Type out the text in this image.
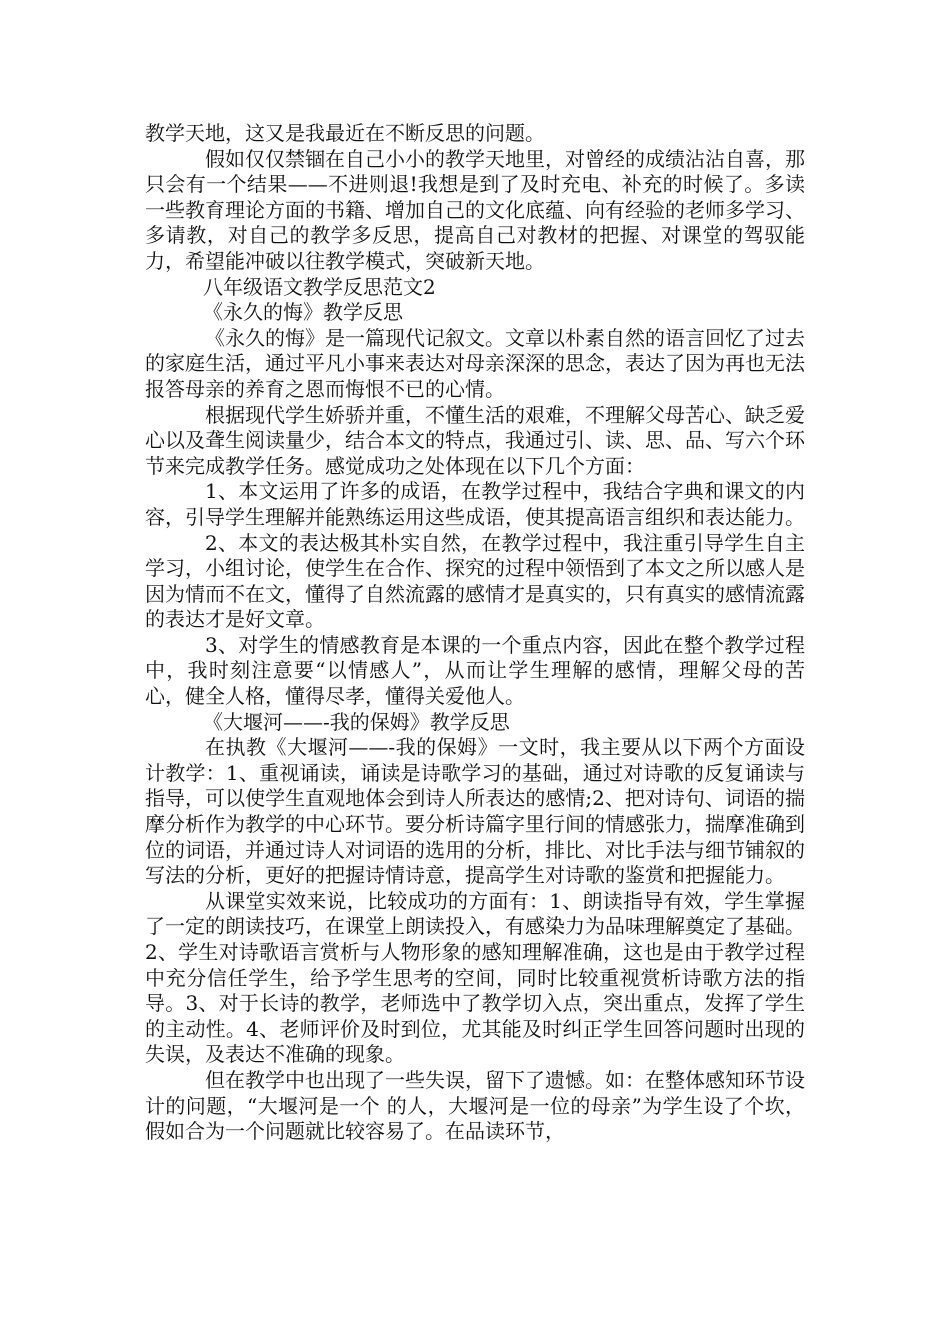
教学天地，这又是我最近在不断反思的问题。

假如仅仅禁锢在自己小小的教学天地里，对曾经的成绩沾沾自喜，那只会有一个结果——不进则退!我想是到了及时充电、补充的时候了。多读一些教育理论方面的书籍、增加自己的文化底蕴、向有经验的老师多学习、多请教，对自己的教学多反思，提高自己对教材的把握、对课堂的驾驭能力，希望能冲破以往教学模式，突破新天地。

八年级语文教学反思范文2

《永久的悔》教学反思

《永久的悔》是一篇现代记叙文。文章以朴素自然的语言回忆了过去的家庭生活，通过平凡小事来表达对母亲深深的思念，表达了因为再也无法报答母亲的养育之恩而悔恨不已的心情。

根据现代学生娇骄并重，不懂生活的艰难，不理解父母苦心、缺乏爱心以及聋生阅读量少，结合本文的特点，我通过引、读、思、品、写六个环节来完成教学任务。感觉成功之处体现在以下几个方面：

1、本文运用了许多的成语，在教学过程中，我结合字典和课文的内容，引导学生理解并能熟练运用这些成语，使其提高语言组织和表达能力。

2、本文的表达极其朴实自然，在教学过程中，我注重引导学生自主学习，小组讨论，使学生在合作、探究的过程中领悟到了本文之所以感人是因为情而不在文，懂得了自然流露的感情才是真实的，只有真实的感情流露的表达才是好文章。

3、对学生的情感教育是本课的一个重点内容，因此在整个教学过程中，我时刻注意要“以情感人”，从而让学生理解的感情，理解父母的苦心，健全人格，懂得尽孝，懂得关爱他人。

《大堰河——-我的保姆》教学反思

在执教《大堰河——-我的保姆》一文时，我主要从以下两个方面设计教学：1、重视诵读，诵读是诗歌学习的基础，通过对诗歌的反复诵读与指导，可以使学生直观地体会到诗人所表达的感情;2、把对诗句、词语的揣摩分析作为教学的中心环节。要分析诗篇字里行间的情感张力，揣摩准确到位的词语，并通过诗人对词语的选用的分析，排比、对比手法与细节铺叙的写法的分析，更好的把握诗情诗意，提高学生对诗歌的鉴赏和把握能力。

从课堂实效来说，比较成功的方面有：1、朗读指导有效，学生掌握了一定的朗读技巧，在课堂上朗读投入，有感染力为品味理解奠定了基础。2、学生对诗歌语言赏析与人物形象的感知理解准确，这也是由于教学过程中充分信任学生，给予学生思考的空间，同时比较重视赏析诗歌方法的指导。3、对于长诗的教学，老师选中了教学切入点，突出重点，发挥了学生的主动性。4、老师评价及时到位，尤其能及时纠正学生回答问题时出现的失误，及表达不准确的现象。

但在教学中也出现了一些失误，留下了遗憾。如：在整体感知环节设计的问题，“大堰河是一个 的人，大堰河是一位的母亲”为学生设了个坎，假如合为一个问题就比较容易了。在品读环节，
